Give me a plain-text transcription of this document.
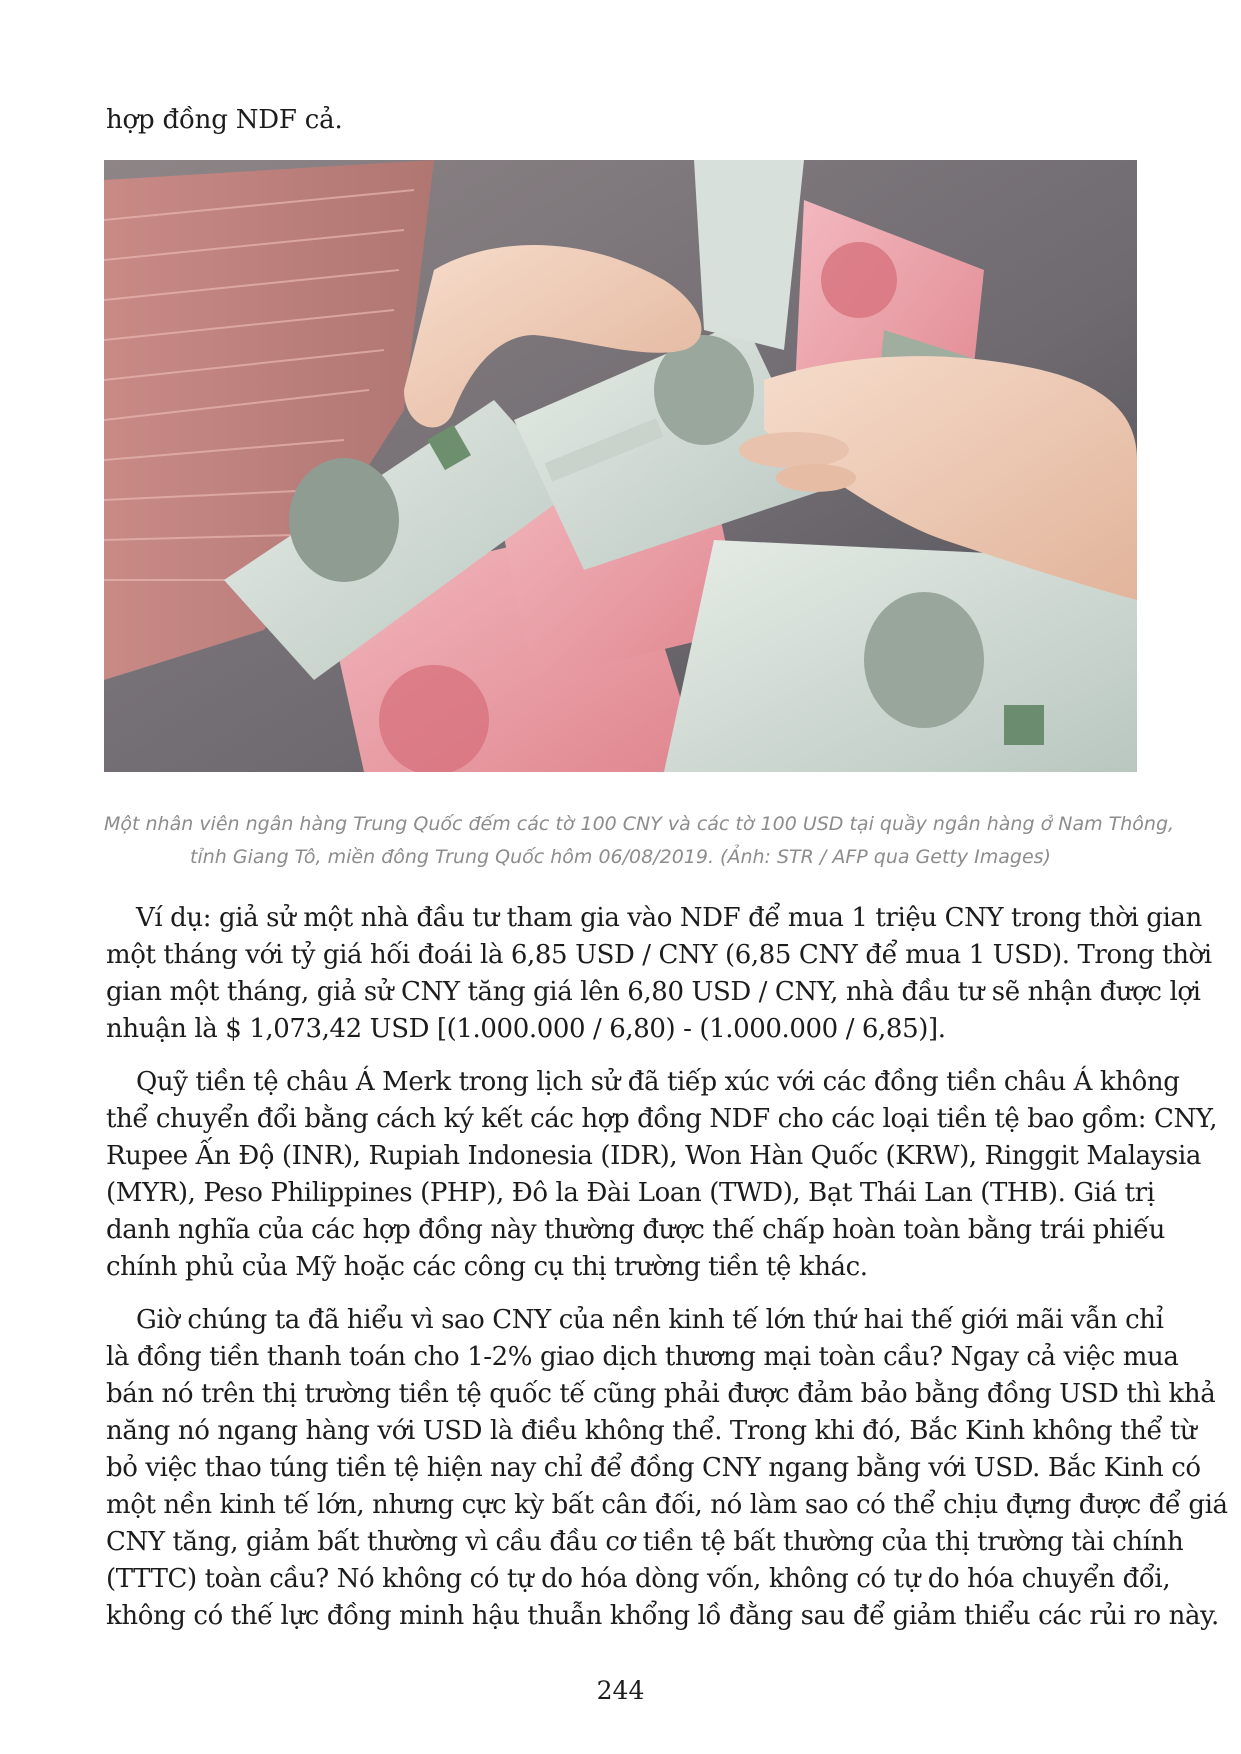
hợp đồng NDF cả.
Một nhân viên ngân hàng Trung Quốc đếm các tờ 100 CNY và các tờ 100 USD tại quầy ngân hàng ở Nam Thông,
tỉnh Giang Tô, miền đông Trung Quốc hôm 06/08/2019. (Ảnh: STR / AFP qua Getty Images)
Ví dụ: giả sử một nhà đầu tư tham gia vào NDF để mua 1 triệu CNY trong thời gian
một tháng với tỷ giá hối đoái là 6,85 USD / CNY (6,85 CNY để mua 1 USD). Trong thời
gian một tháng, giả sử CNY tăng giá lên 6,80 USD / CNY, nhà đầu tư sẽ nhận được lợi
nhuận là $ 1,073,42 USD [(1.000.000 / 6,80) - (1.000.000 / 6,85)].
Quỹ tiền tệ châu Á Merk trong lịch sử đã tiếp xúc với các đồng tiền châu Á không
thể chuyển đổi bằng cách ký kết các hợp đồng NDF cho các loại tiền tệ bao gồm: CNY,
Rupee Ấn Độ (INR), Rupiah Indonesia (IDR), Won Hàn Quốc (KRW), Ringgit Malaysia
(MYR), Peso Philippines (PHP), Đô la Đài Loan (TWD), Bạt Thái Lan (THB). Giá trị
danh nghĩa của các hợp đồng này thường được thế chấp hoàn toàn bằng trái phiếu
chính phủ của Mỹ hoặc các công cụ thị trường tiền tệ khác.
Giờ chúng ta đã hiểu vì sao CNY của nền kinh tế lớn thứ hai thế giới mãi vẫn chỉ
là đồng tiền thanh toán cho 1-2% giao dịch thương mại toàn cầu? Ngay cả việc mua
bán nó trên thị trường tiền tệ quốc tế cũng phải được đảm bảo bằng đồng USD thì khả
năng nó ngang hàng với USD là điều không thể. Trong khi đó, Bắc Kinh không thể từ
bỏ việc thao túng tiền tệ hiện nay chỉ để đồng CNY ngang bằng với USD. Bắc Kinh có
một nền kinh tế lớn, nhưng cực kỳ bất cân đối, nó làm sao có thể chịu đựng được để giá
CNY tăng, giảm bất thường vì cầu đầu cơ tiền tệ bất thường của thị trường tài chính
(TTTC) toàn cầu? Nó không có tự do hóa dòng vốn, không có tự do hóa chuyển đổi,
không có thế lực đồng minh hậu thuẫn khổng lồ đằng sau để giảm thiểu các rủi ro này.
244
